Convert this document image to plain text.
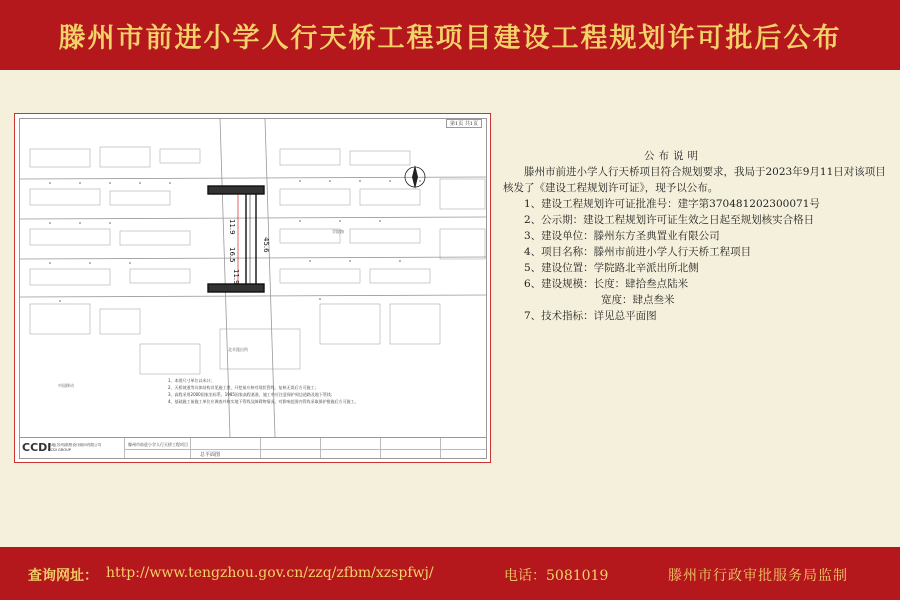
滕州市前进小学人行天桥工程项目建设工程规划许可批后公布
11.9
16.5
45.6
11.9
学院路
北辛派出所
中国移动
第1页 共1页
1、本图尺寸单位以米计；
2、天桥坡道等具体结构详见施工图，开挖前应核对现状管线，复核无误后方可施工；
3、高程采用2000国家坐标系，1985国家高程基准，施工中应注意保护周边道路及地下管线；
4、基础施工前施工单位应调查并核实地下管线及障碍物情况，对影响范围内管线采取保护措施后方可施工。
ССDI
悉地(苏州)勘察设计顾问有限公司
CCDI GROUP
滕州市前进小学人行天桥工程项目
总平面图

公布说明

滕州市前进小学人行天桥项目符合规划要求，我局于2023年9月11日对该项目核发了《建设工程规划许可证》，现予以公布。

1、建设工程规划许可证批准号：建字第370481202300071号

2、公示期：建设工程规划许可证生效之日起至规划核实合格日

3、建设单位：滕州东方圣典置业有限公司

4、项目名称：滕州市前进小学人行天桥工程项目

5、建设位置：学院路北辛派出所北侧

6、建设规模：长度：肆拾叁点陆米

宽度：肆点叁米

7、技术指标：详见总平面图

查询网址： http://www.tengzhou.gov.cn/zzq/zfbm/xzspfwj/	电话：5081019	滕州市行政审批服务局监制
